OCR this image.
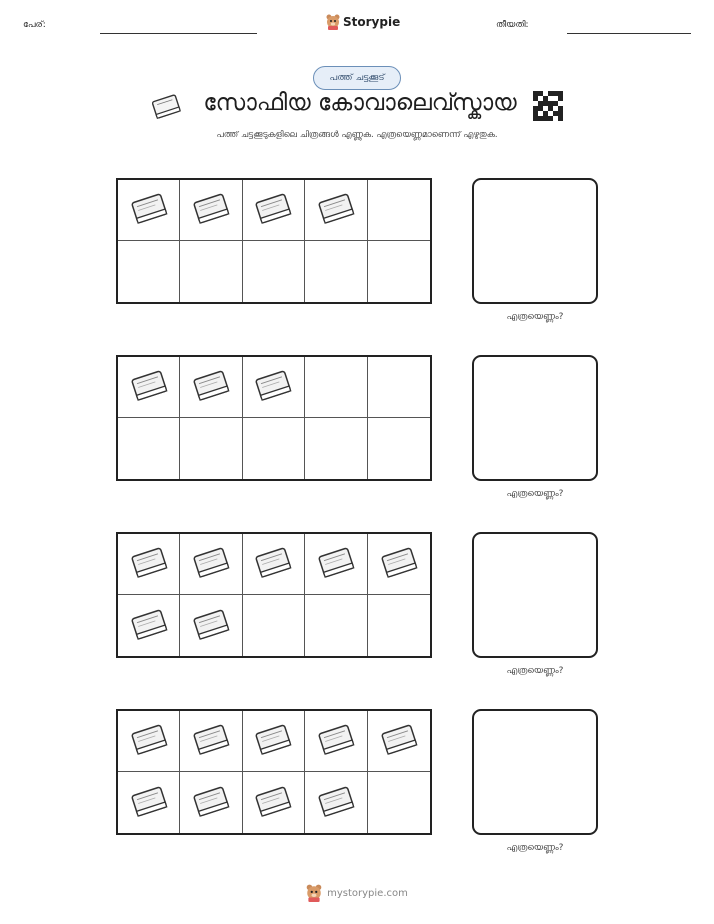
പേര്:	Storypie	തീയതി:
പത്ത് ചട്ടക്കൂട്
സോഫിയ കോവാലെവ്സ്കായ
പത്ത് ചട്ടക്കൂടുകളിലെ ചിത്രങ്ങൾ എണ്ണുക. എത്രയെണ്ണമാണെന്ന് എഴുതുക.
എത്രയെണ്ണം?
എത്രയെണ്ണം?
എത്രയെണ്ണം?
എത്രയെണ്ണം?
mystorypie.com
